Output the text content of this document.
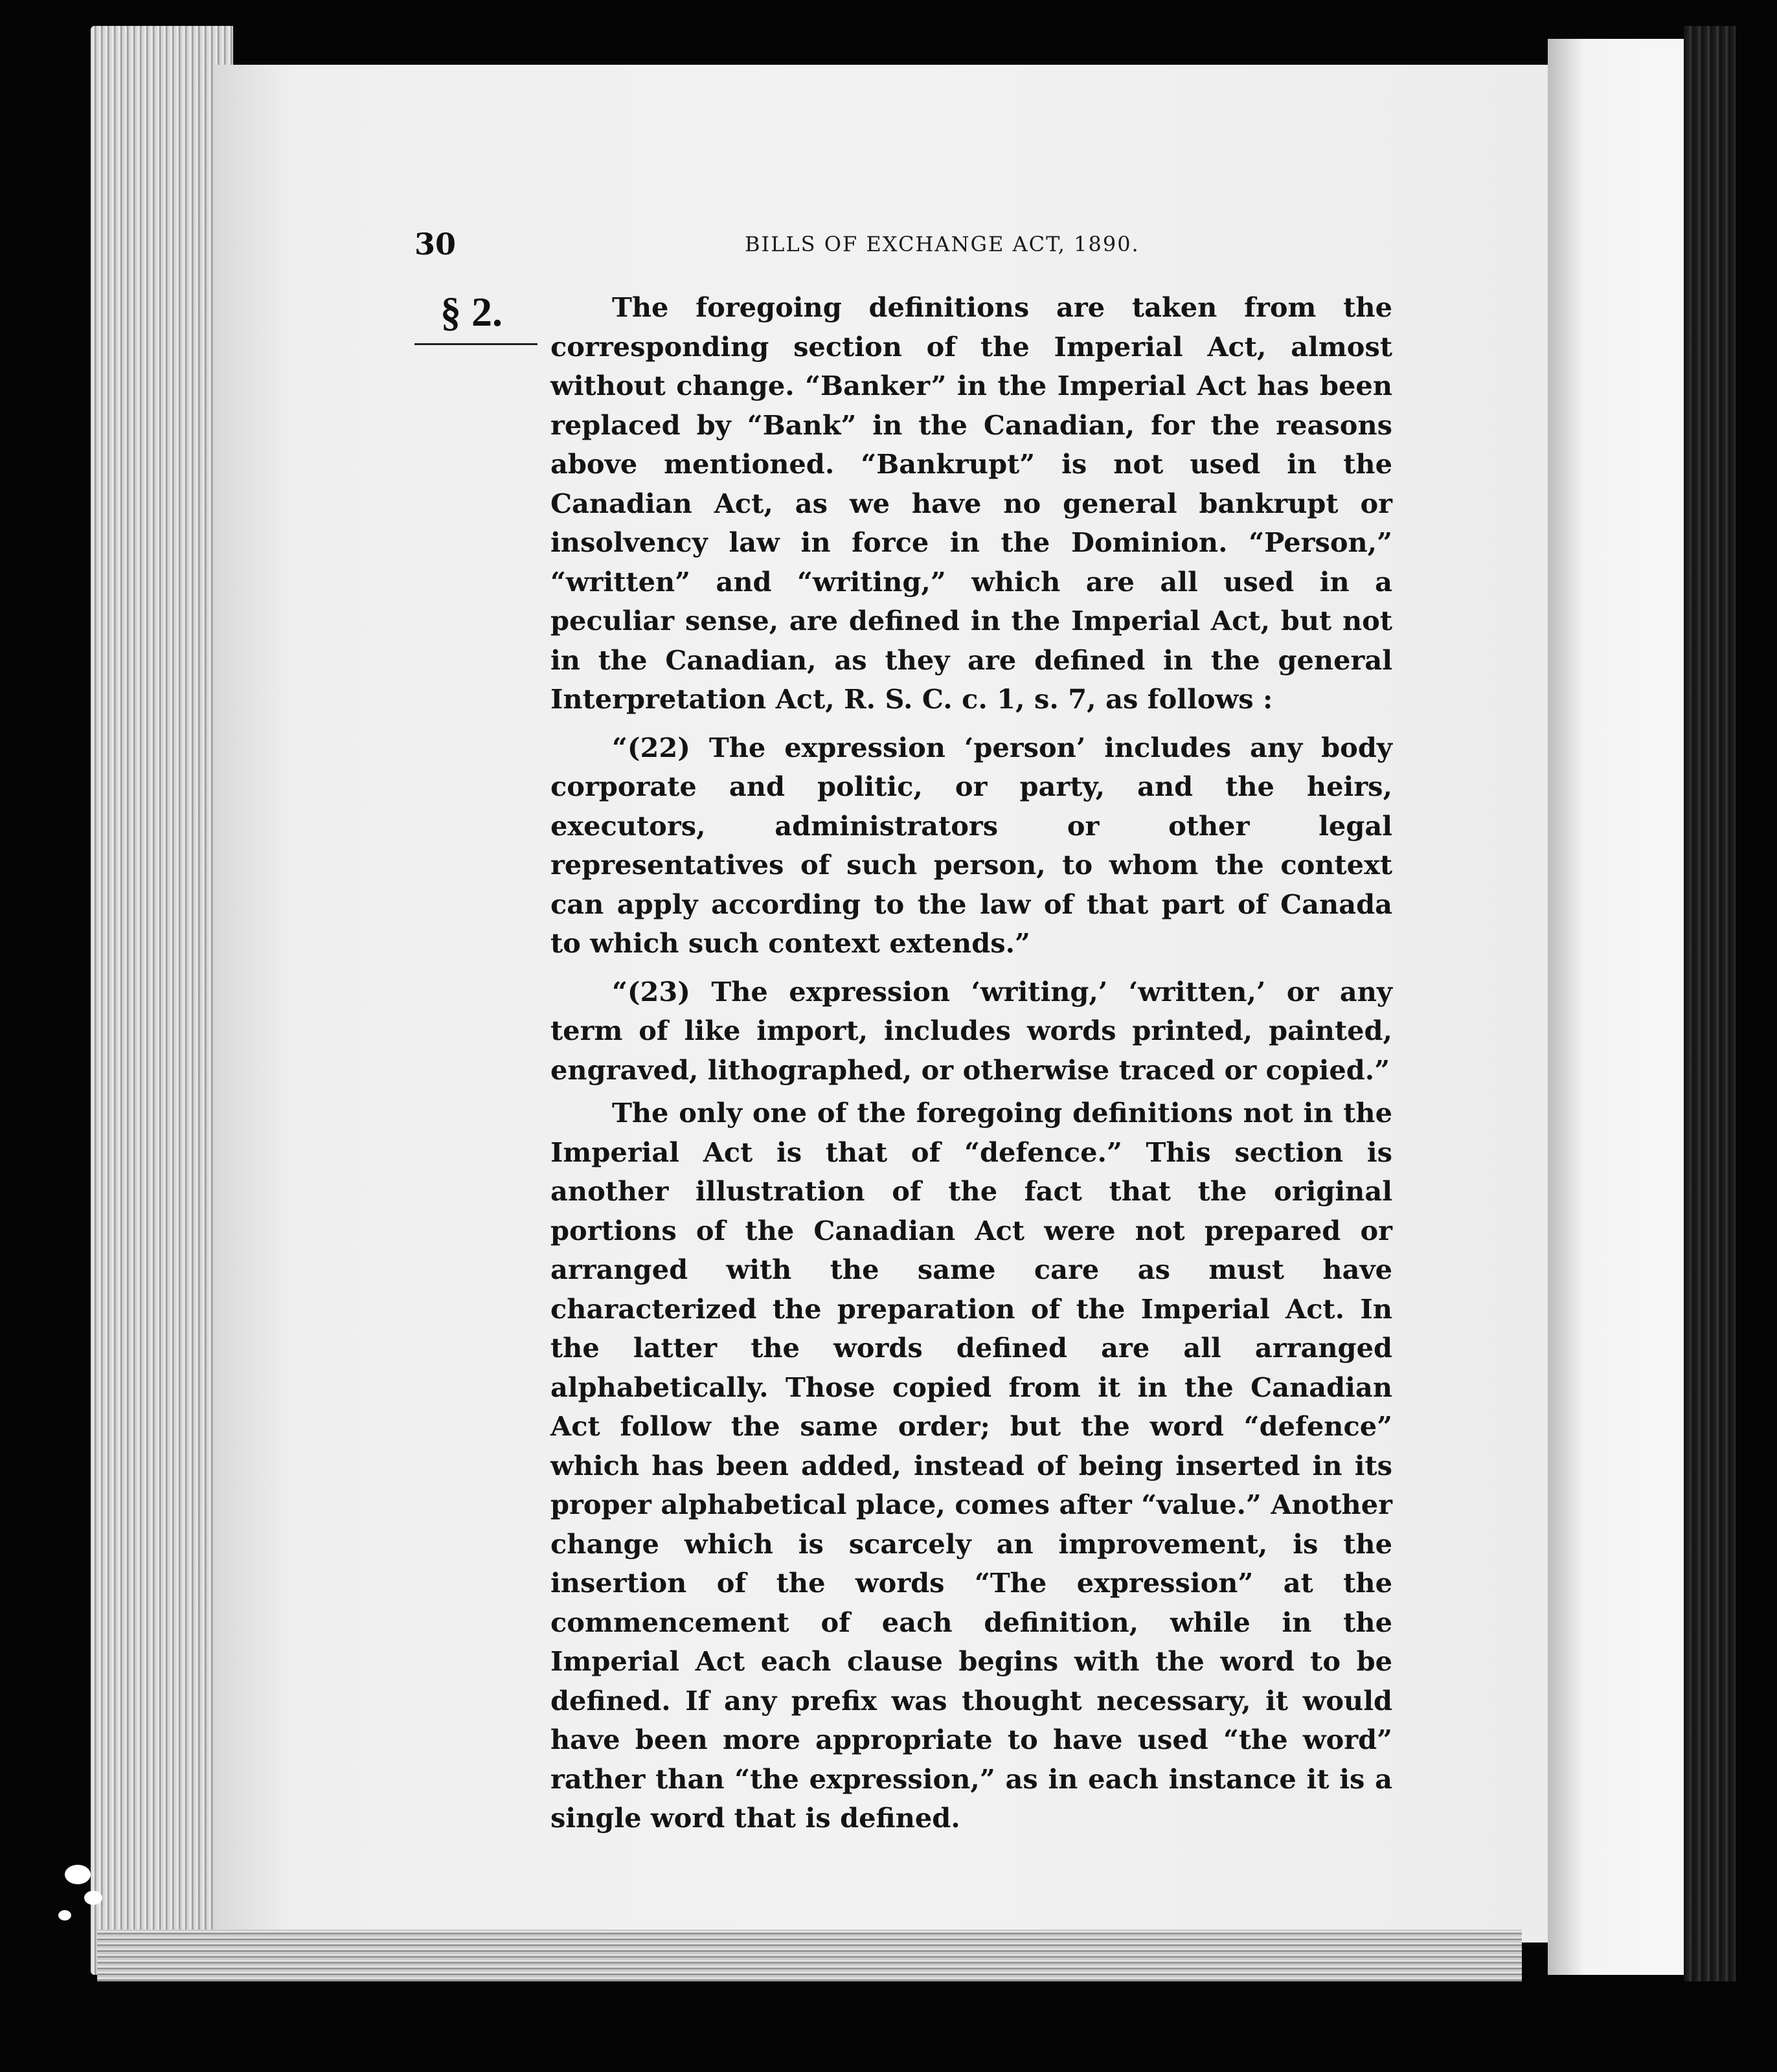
30	BILLS OF EXCHANGE ACT, 1890.
§ 2.	The foregoing definitions are taken from the corresponding section of the Imperial Act, almost without change. “Banker” in the Imperial Act has been replaced by “Bank” in the Canadian, for the reasons above mentioned. “Bankrupt” is not used in the Canadian Act, as we have no general bankrupt or insolvency law in force in the Dominion. “Person,” “written” and “writing,” which are all used in a peculiar sense, are defined in the Imperial Act, but not in the Canadian, as they are defined in the general Interpretation Act, R. S. C. c. 1, s. 7, as follows :

“(22) The expression ‘person’ includes any body corporate and politic, or party, and the heirs, executors, administrators or other legal representatives of such person, to whom the context can apply according to the law of that part of Canada to which such context extends.”

“(23) The expression ‘writing,’ ‘written,’ or any term of like import, includes words printed, painted, engraved, lithographed, or otherwise traced or copied.”

The only one of the foregoing definitions not in the Imperial Act is that of “defence.” This section is another illustration of the fact that the original portions of the Canadian Act were not prepared or arranged with the same care as must have characterized the preparation of the Imperial Act. In the latter the words defined are all arranged alphabetically. Those copied from it in the Canadian Act follow the same order; but the word “defence” which has been added, instead of being inserted in its proper alphabetical place, comes after “value.” Another change which is scarcely an improvement, is the insertion of the words “The expression” at the commencement of each definition, while in the Imperial Act each clause begins with the word to be defined. If any prefix was thought necessary, it would have been more appropriate to have used “the word” rather than “the expression,” as in each instance it is a single word that is defined.
